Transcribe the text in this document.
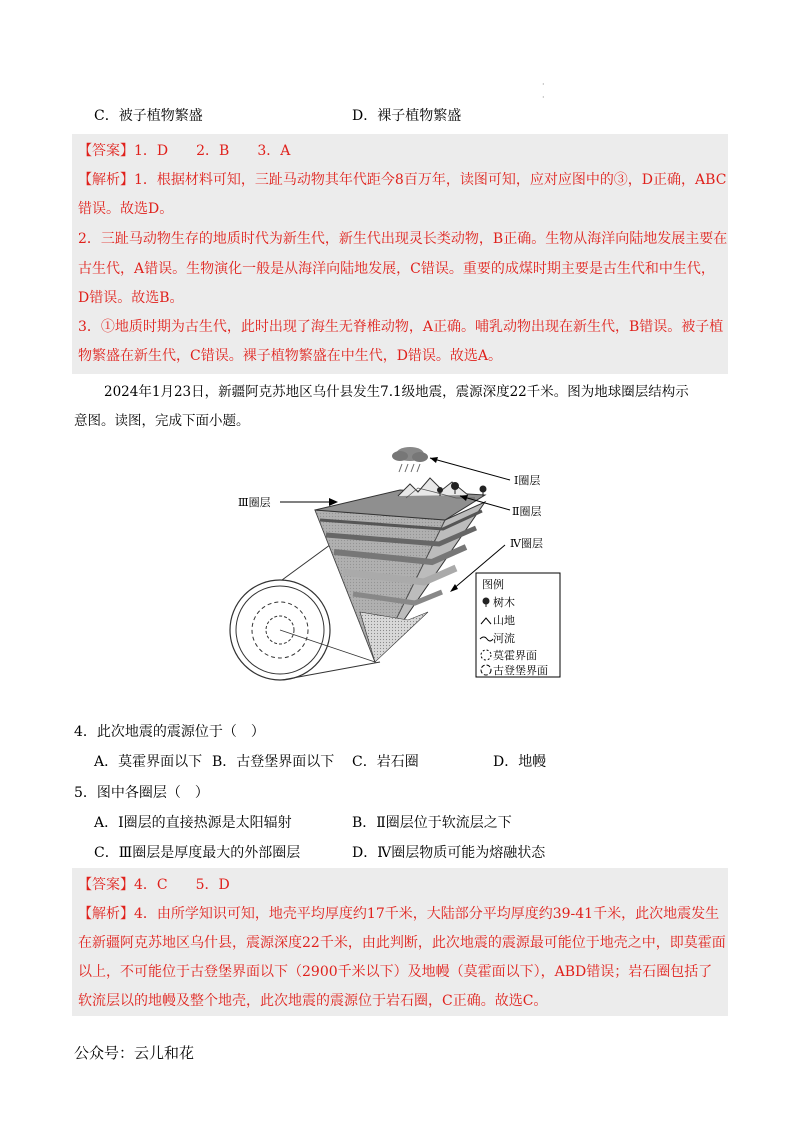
C．被子植物繁盛	D．裸子植物繁盛
·
·
【答案】1．D　　2．B　　3．A
【解析】1．根据材料可知，三趾马动物其年代距今8百万年，读图可知，应对应图中的③，D正确，ABC
错误。故选D。
2．三趾马动物生存的地质时代为新生代，新生代出现灵长类动物，B正确。生物从海洋向陆地发展主要在
古生代，A错误。生物演化一般是从海洋向陆地发展，C错误。重要的成煤时期主要是古生代和中生代，
D错误。故选B。
3．①地质时期为古生代，此时出现了海生无脊椎动物，A正确。哺乳动物出现在新生代，B错误。被子植
物繁盛在新生代，C错误。裸子植物繁盛在中生代，D错误。故选A。
2024年1月23日，新疆阿克苏地区乌什县发生7.1级地震，震源深度22千米。图为地球圈层结构示
意图。读图，完成下面小题。
Ⅰ圈层
Ⅱ圈层
Ⅲ圈层
Ⅳ圈层
图例
树木
山地
河流
莫霍界面
古登堡界面
4．此次地震的震源位于（　）
A．莫霍界面以下 B．古登堡界面以下 C．岩石圈	D．地幔
5．图中各圈层（　）
A．Ⅰ圈层的直接热源是太阳辐射	B．Ⅱ圈层位于软流层之下
C．Ⅲ圈层是厚度最大的外部圈层	D．Ⅳ圈层物质可能为熔融状态
【答案】4．C　　5．D
【解析】4．由所学知识可知，地壳平均厚度约17千米，大陆部分平均厚度约39-41千米，此次地震发生
在新疆阿克苏地区乌什县，震源深度22千米，由此判断，此次地震的震源最可能位于地壳之中，即莫霍面
以上，不可能位于古登堡界面以下（2900千米以下）及地幔（莫霍面以下），ABD错误；岩石圈包括了
软流层以的地幔及整个地壳，此次地震的震源位于岩石圈，C正确。故选C。
公众号：云儿和花
